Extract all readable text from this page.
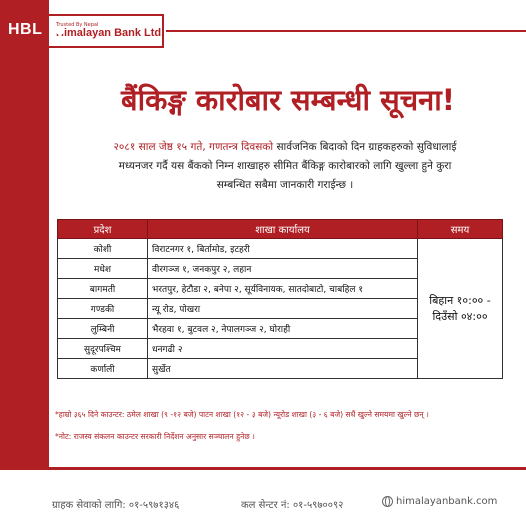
HBL	Trusted By Nepal
Himalayan Bank Ltd.
बैंकिङ्ग कारोबार सम्बन्धी सूचना!
२०८१ साल जेष्ठ १५ गते, गणतन्त्र दिवसको सार्वजनिक बिदाको दिन ग्राहकहरुको सुविधालाई
मध्यनजर गर्दै यस बैंकको निम्न शाखाहरु सीमित बैंकिङ्ग कारोबारको लागि खुल्ला हुने कुरा
सम्बन्धित सबैमा जानकारी गराईन्छ ।
प्रदेश	शाखा कार्यालय	समय
कोशी	विराटनगर १, बिर्तामोड, इटहरी	बिहान १०:०० -
दिउँसो ०४:००
मधेश	वीरगञ्ज १, जनकपुर २, लहान	
बागमती	भरतपुर, हेटौडा २, बनेपा २, सूर्यविनायक, सातदोबाटो, चाबहिल १	
गण्डकी	न्यू रोड, पोखरा	
लुम्बिनी	भैरहवा १, बुटवल २, नेपालगञ्ज २, घोराही	
सुदूरपश्चिम	धनगढी २	
कर्णाली	सुर्खेत	
*हाम्रो ३६५ दिने काउन्टर: ठमेल शाखा (९ -१२ बजे) पाटन शाखा (१२ - ३ बजे) न्यूरोड शाखा (३ - ६ बजे) सधैं खुल्ने समयमा खुल्ने छन् ।
*नोट: राजस्व संकलन काउन्टर सरकारी निर्देशन अनुसार सञ्चालन हुनेछ ।
ग्राहक सेवाको लागि: ०१-५९७१३४६	कल सेन्टर नं: ०१-५९७००९२	himalayanbank.com
